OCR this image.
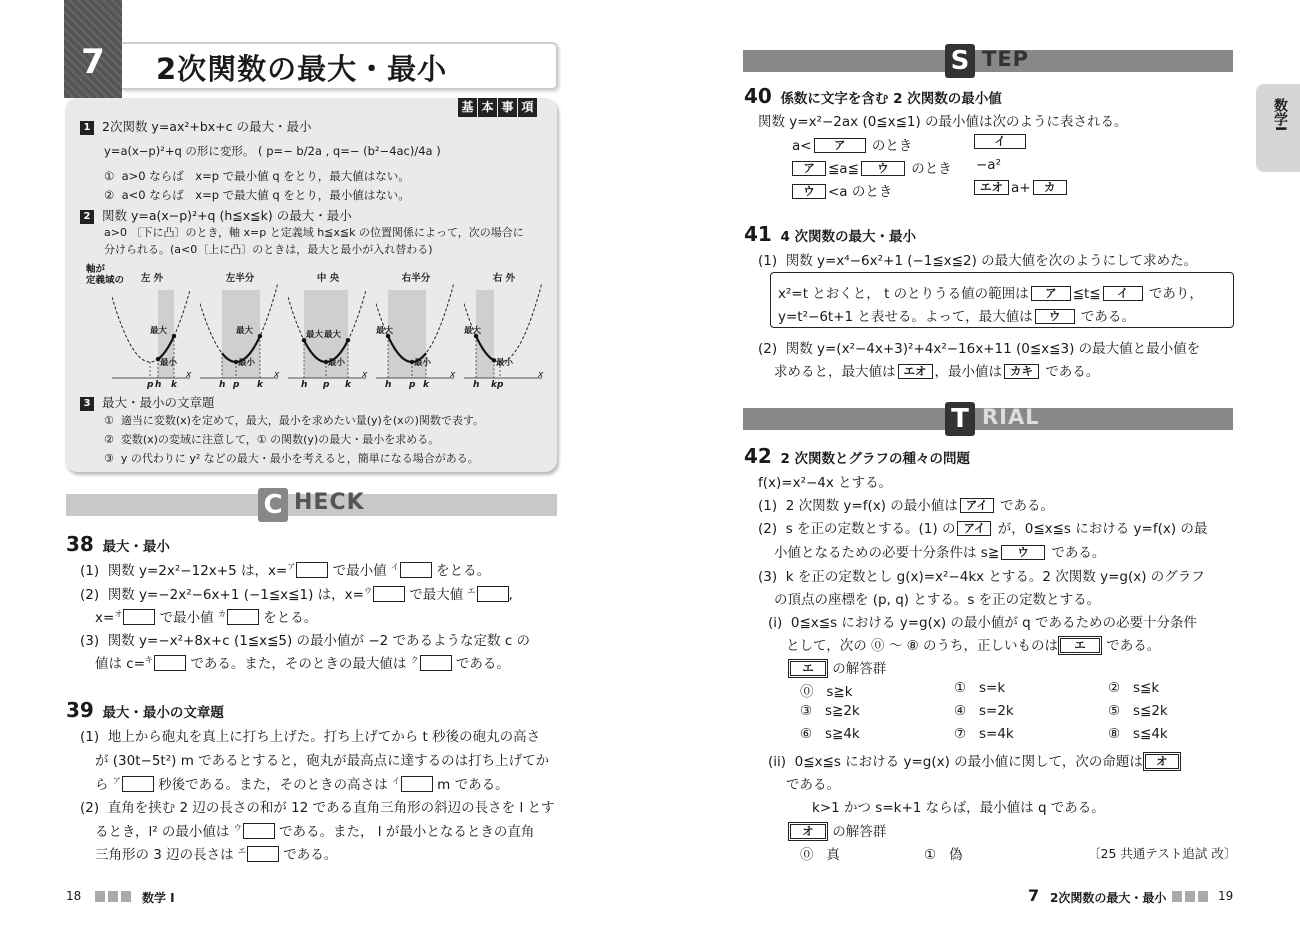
7	2次関数の最大・最小
基 本 事 項
1 2次関数 y=ax²+bx+c の最大・最小
y=a(x−p)²+q の形に変形。 ( p=− b/2a , q=− (b²−4ac)/4a )
① a>0 ならば　x=p で最小値 q をとり，最大値はない。
② a<0 ならば　x=p で最大値 q をとり，最小値はない。
2 関数 y=a(x−p)²+q (h≦x≦k) の最大・最小
a>0 〔下に凸〕のとき，軸 x=p と定義域 h≦x≦k の位置関係によって，次の場合に
分けられる。(a<0〔上に凸〕のときは，最大と最小が入れ替わる)
軸が
定義域の	左 外
最大
最小
p h k
x
左半分
最大
最小
h p k
x
中 央
最大
最大
最小
h p k
x
右半分
最大
最小
h p k
x
右 外
最大
最小
h k p
x
3 最大・最小の文章題
① 適当に変数(x)を定めて，最大，最小を求めたい量(y)を(xの)関数で表す。
② 変数(x)の変域に注意して，① の関数(y)の最大・最小を求める。
③ y の代わりに y² などの最大・最小を考えると，簡単になる場合がある。
C HECK
38 最大・最小
(1) 関数 y=2x²−12x+5 は，x=$^ア$ で最小値 $^イ$ をとる。
(2) 関数 y=−2x²−6x+1 (−1≦x≦1) は，x=$^ウ$ で最大値 $^エ$ ,
x=$^オ$ で最小値 $^カ$ をとる。
(3) 関数 y=−x²+8x+c (1≦x≦5) の最小値が −2 であるような定数 c の
値は c=$^キ$ である。また，そのときの最大値は $^ク$ である。
39 最大・最小の文章題
(1) 地上から砲丸を真上に打ち上げた。打ち上げてから t 秒後の砲丸の高さ
が (30t−5t²) m であるとすると，砲丸が最高点に達するのは打ち上げてか
ら $^ア$ 秒後である。また，そのときの高さは $^イ$ m である。
(2) 直角を挟む 2 辺の長さの和が 12 である直角三角形の斜辺の長さを l とす
るとき，l² の最小値は $^ウ$ である。また， l が最小となるときの直角
三角形の 3 辺の長さは $^エ$ である。
18	数学 I
S TEP
数学I
40 係数に文字を含む 2 次関数の最小値
関数 y=x²−2ax (0≦x≦1) の最小値は次のように表される。
a< ア のとき	イ
ア ≦a≦ ウ のとき −a²
ウ <a のとき	エオ a+ カ
41 4 次関数の最大・最小
(1) 関数 y=x⁴−6x²+1 (−1≦x≦2) の最大値を次のようにして求めた。
x²=t とおくと， t のとりうる値の範囲は ア ≦t≦ イ であり，
y=t²−6t+1 と表せる。よって，最大値は ウ である。
(2) 関数 y=(x²−4x+3)²+4x²−16x+11 (0≦x≦3) の最大値と最小値を
求めると，最大値は エオ ，最小値は カキ である。
T RIAL
42 2 次関数とグラフの種々の問題
f(x)=x²−4x とする。
(1) 2 次関数 y=f(x) の最小値は アイ である。
(2) s を正の定数とする。(1) の アイ が，0≦x≦s における y=f(x) の最
小値となるための必要十分条件は s≧ ウ である。
(3) k を正の定数とし g(x)=x²−4kx とする。2 次関数 y=g(x) のグラフ
の頂点の座標を (p, q) とする。s を正の定数とする。
(i) 0≦x≦s における y=g(x) の最小値が q であるための必要十分条件
として，次の ⓪ ～ ⑧ のうち，正しいものは エ である。
エ の解答群
⓪ s≧k	① s=k	② s≦k
③ s≧2k	④ s=2k	⑤ s≦2k
⑥ s≧4k	⑦ s=4k	⑧ s≦4k
(ii) 0≦x≦s における y=g(x) の最小値に関して，次の命題は オ
である。
k>1 かつ s=k+1 ならば，最小値は q である。
オ の解答群
⓪ 真	① 偽	〔25 共通テスト追試 改〕
7 2次関数の最大・最小	19
